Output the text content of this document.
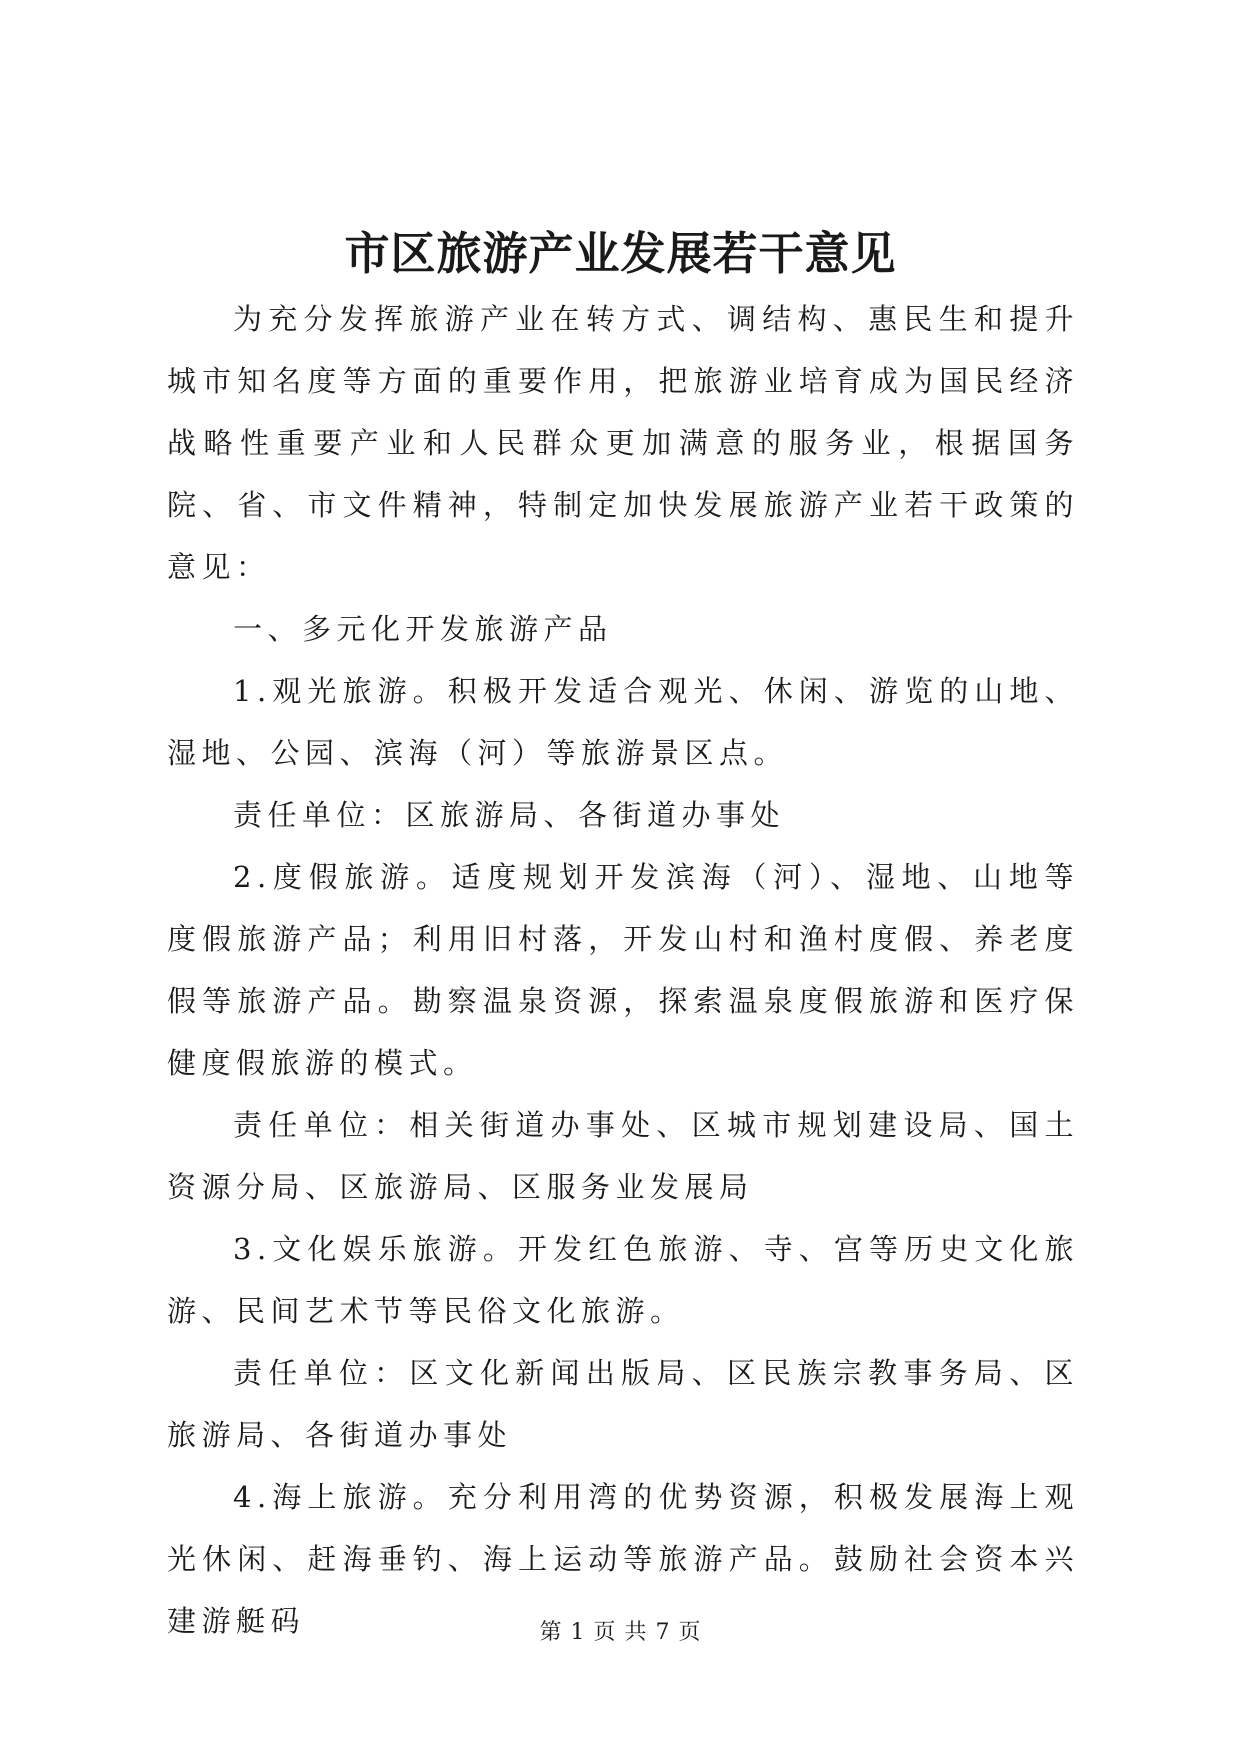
市区旅游产业发展若干意见

为充分发挥旅游产业在转方式、调结构、惠民生和提升城市知名度等方面的重要作用，把旅游业培育成为国民经济战略性重要产业和人民群众更加满意的服务业，根据国务院、省、市文件精神，特制定加快发展旅游产业若干政策的意见：

一、多元化开发旅游产品

1.观光旅游。积极开发适合观光、休闲、游览的山地、湿地、公园、滨海（河）等旅游景区点。

责任单位：区旅游局、各街道办事处

2.度假旅游。适度规划开发滨海（河）、湿地、山地等度假旅游产品；利用旧村落，开发山村和渔村度假、养老度假等旅游产品。勘察温泉资源，探索温泉度假旅游和医疗保健度假旅游的模式。

责任单位：相关街道办事处、区城市规划建设局、国土资源分局、区旅游局、区服务业发展局

3.文化娱乐旅游。开发红色旅游、寺、宫等历史文化旅游、民间艺术节等民俗文化旅游。

责任单位：区文化新闻出版局、区民族宗教事务局、区旅游局、各街道办事处

4.海上旅游。充分利用湾的优势资源，积极发展海上观光休闲、赶海垂钓、海上运动等旅游产品。鼓励社会资本兴建游艇码	第 1 页 共 7 页
